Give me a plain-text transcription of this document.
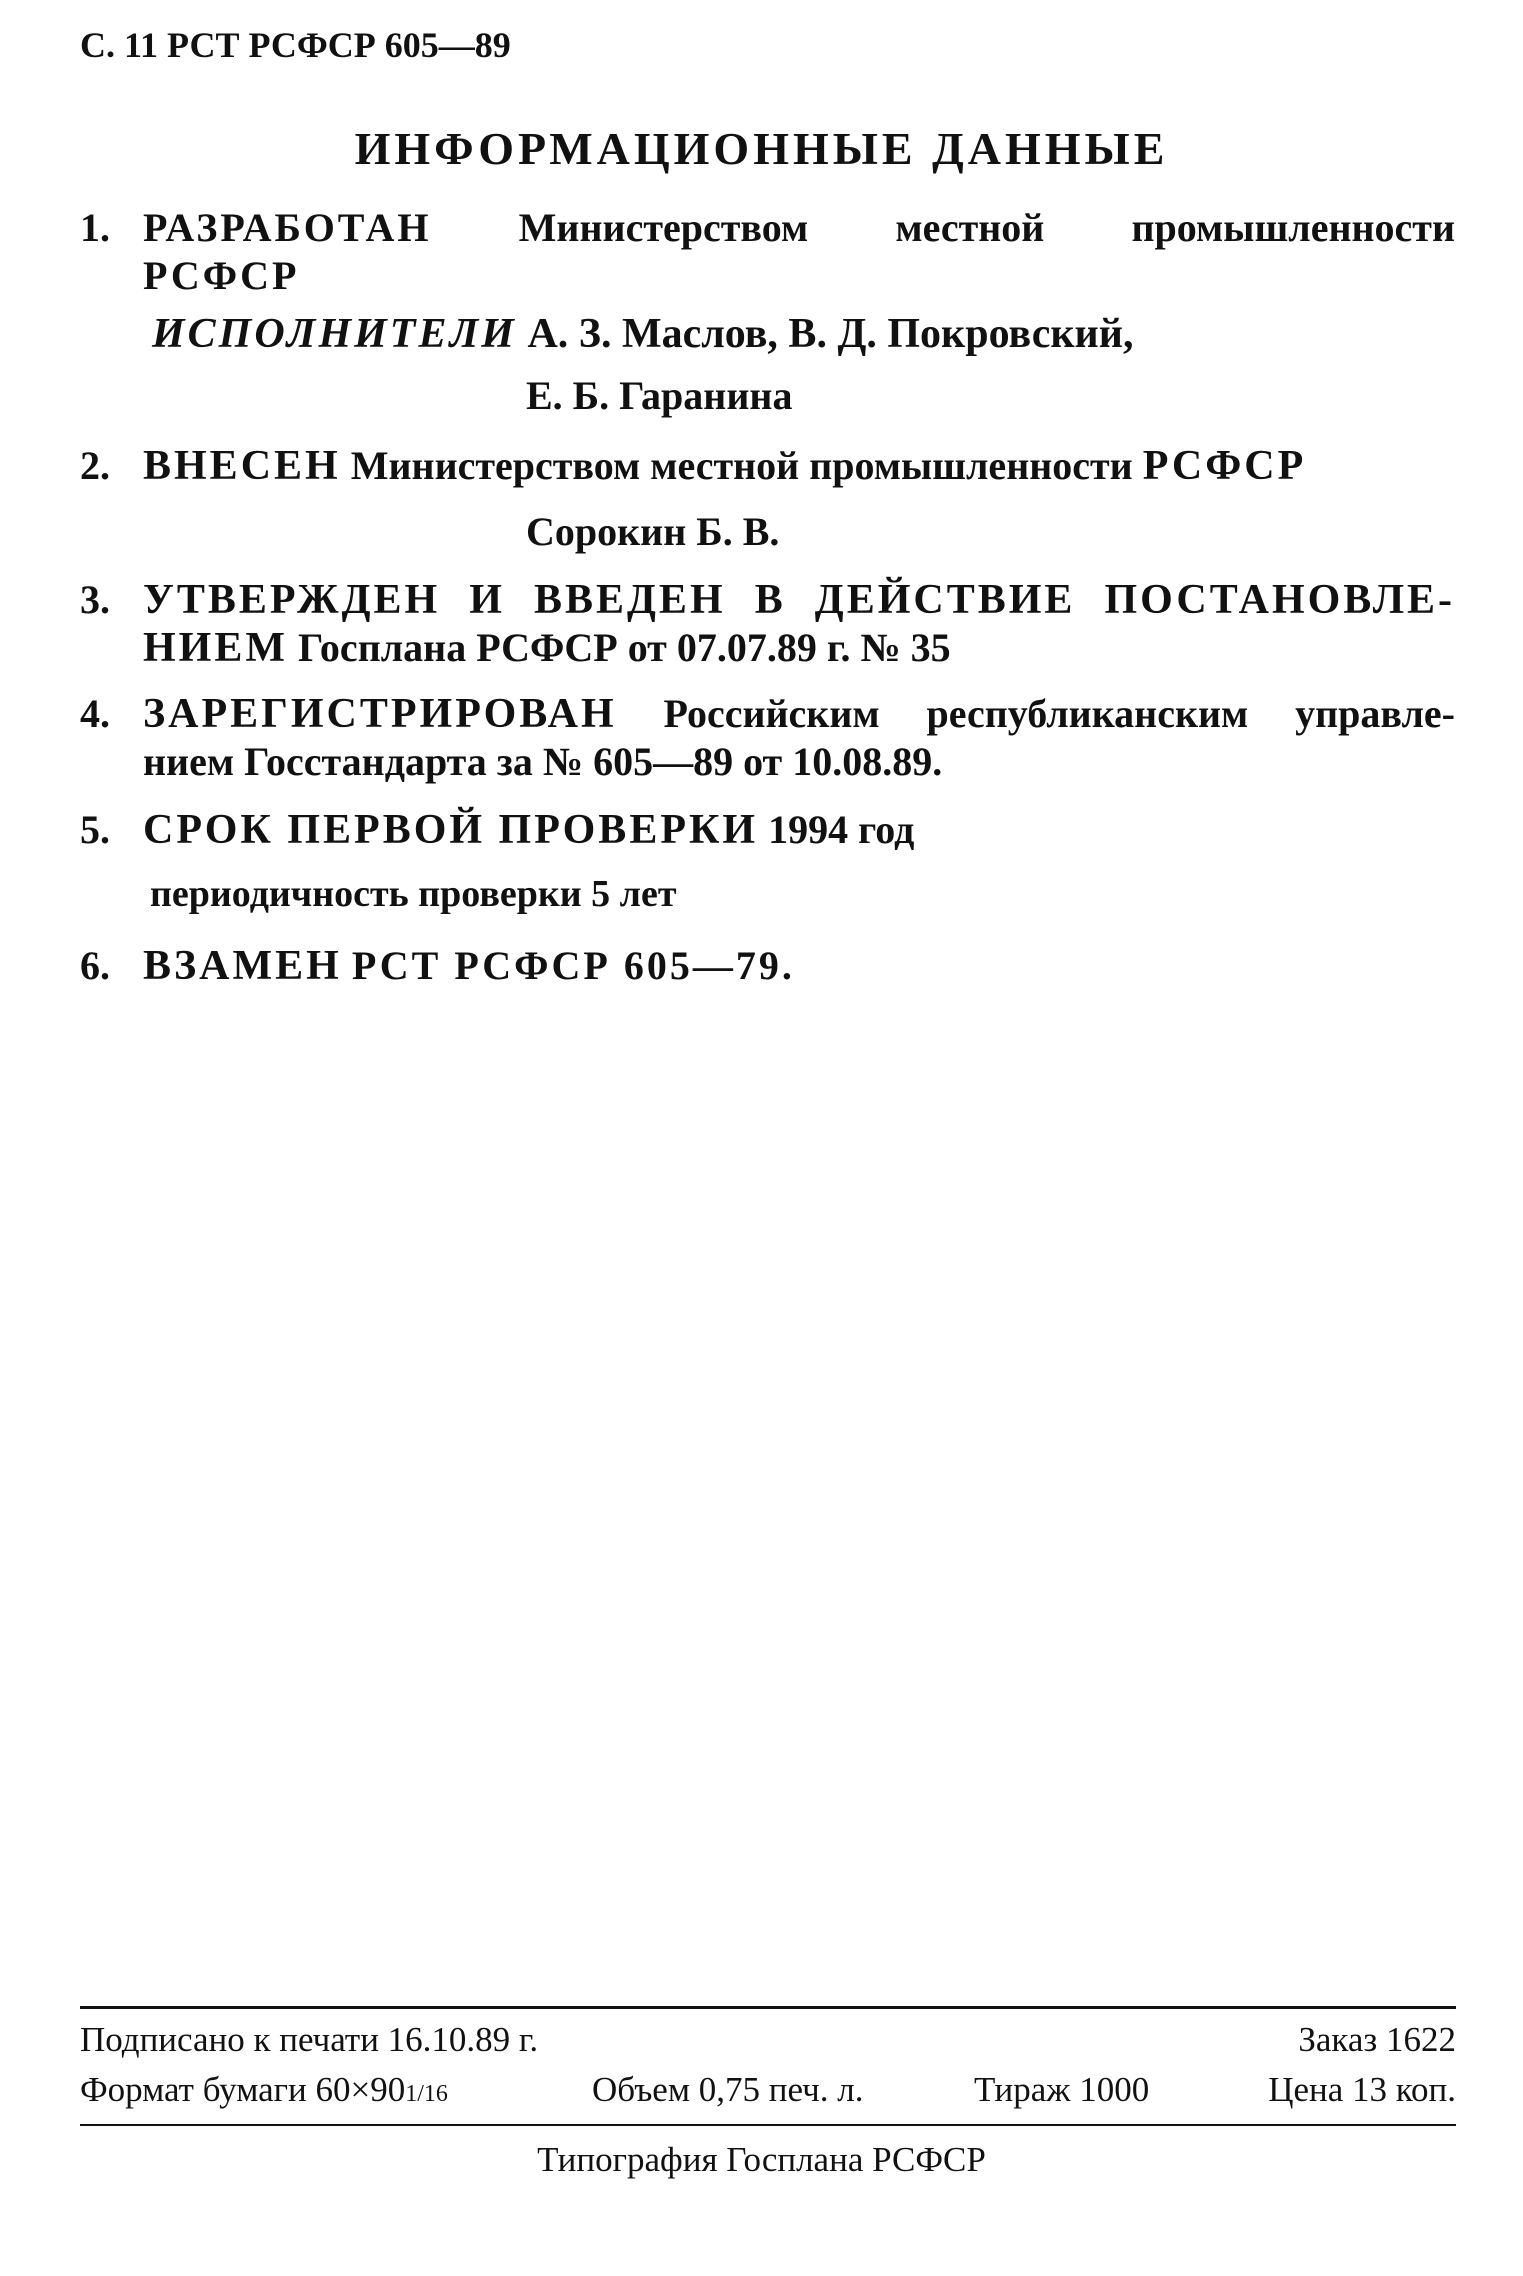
С. 11 РСТ РСФСР 605—89
ИНФОРМАЦИОННЫЕ ДАННЫЕ
1. РАЗРАБОТАН Министерством местной промышленности
РСФСР
ИСПОЛНИТЕЛИ А. З. Маслов, В. Д. Покровский,
Е. Б. Гаранина
2. ВНЕСЕН Министерством местной промышленности РСФСР
Сорокин Б. В.
3. УТВЕРЖДЕН И ВВЕДЕН В ДЕЙСТВИЕ ПОСТАНОВЛЕ-
НИЕМ Госплана РСФСР от 07.07.89 г. № 35
4. ЗАРЕГИСТРИРОВАН Российским республиканским управле-
нием Госстандарта за № 605—89 от 10.08.89.
5. СРОК ПЕРВОЙ ПРОВЕРКИ 1994 год
периодичность проверки 5 лет
6. ВЗАМЕН РСТ РСФСР 605—79.
Подписано к печати 16.10.89 г.	Заказ 1622
Формат бумаги 60×901/16	Объем 0,75 печ. л.	Тираж 1000	Цена 13 коп.
Типография Госплана РСФСР
